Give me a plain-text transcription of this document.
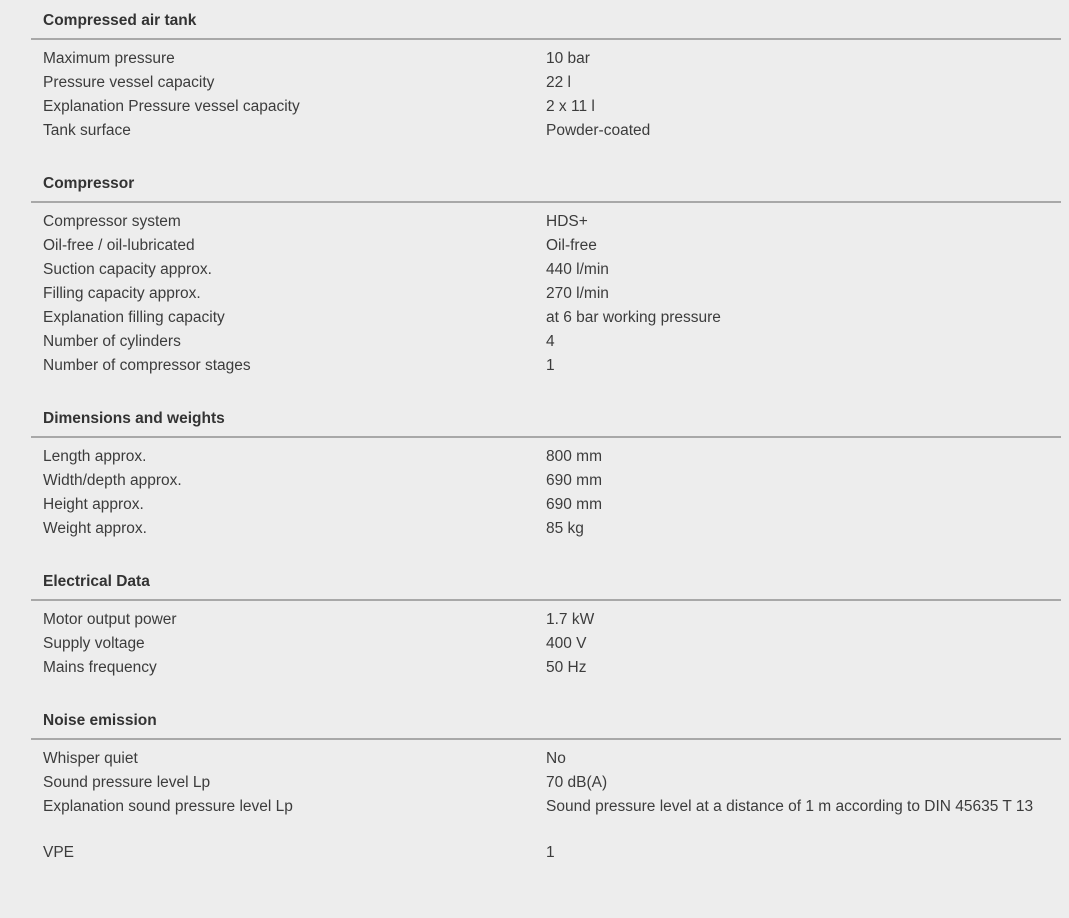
Compressed air tank
Maximum pressure	10 bar
Pressure vessel capacity	22 l
Explanation Pressure vessel capacity	2 x 11 l
Tank surface	Powder-coated
Compressor
Compressor system	HDS+
Oil-free / oil-lubricated	Oil-free
Suction capacity approx.	440 l/min
Filling capacity approx.	270 l/min
Explanation filling capacity	at 6 bar working pressure
Number of cylinders	4
Number of compressor stages	1
Dimensions and weights
Length approx.	800 mm
Width/depth approx.	690 mm
Height approx.	690 mm
Weight approx.	85 kg
Electrical Data
Motor output power	1.7 kW
Supply voltage	400 V
Mains frequency	50 Hz
Noise emission
Whisper quiet	No
Sound pressure level Lp	70 dB(A)
Explanation sound pressure level Lp	Sound pressure level at a distance of 1 m according to DIN 45635 T 13
VPE	1
